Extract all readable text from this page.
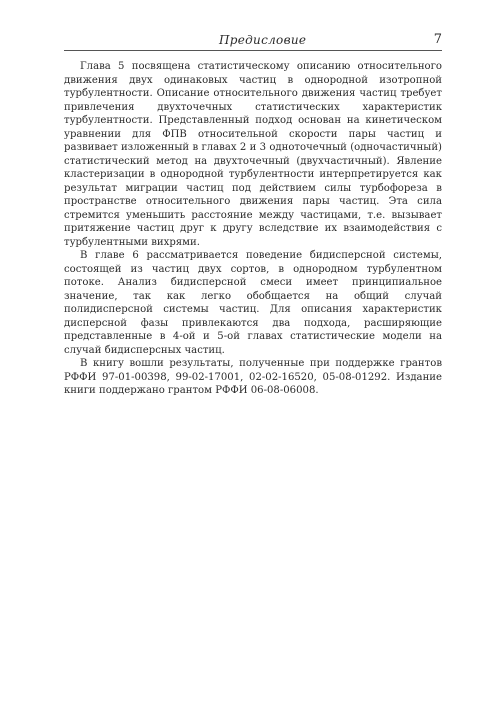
Предисловие	7

Глава 5 посвящена статистическому описанию относительного движения двух одинаковых частиц в однородной изотропной турбулентности. Описание относительного движения частиц требует привлечения двухточечных статистических характеристик турбулентности. Представленный подход основан на кинетическом уравнении для ФПВ относительной скорости пары частиц и развивает изложенный в главах 2 и 3 одноточечный (одночастичный) статистический метод на двухточечный (двухчастичный). Явление кластеризации в однородной турбулентности интерпретируется как результат миграции частиц под действием силы турбофореза в пространстве относительного движения пары частиц. Эта сила стремится уменьшить расстояние между частицами, т.е. вызывает притяжение частиц друг к другу вследствие их взаимодействия с турбулентными вихрями.

В главе 6 рассматривается поведение бидисперсной системы, состоящей из частиц двух сортов, в однородном турбулентном потоке. Анализ бидисперсной смеси имеет принципиальное значение, так как легко обобщается на общий случай полидисперсной системы частиц. Для описания характеристик дисперсной фазы привлекаются два подхода, расширяющие представленные в 4-ой и 5-ой главах статистические модели на случай бидисперсных частиц.

В книгу вошли результаты, полученные при поддержке грантов РФФИ 97-01-00398, 99-02-17001, 02-02-16520, 05-08-01292. Издание книги поддержано грантом РФФИ 06-08-06008.
